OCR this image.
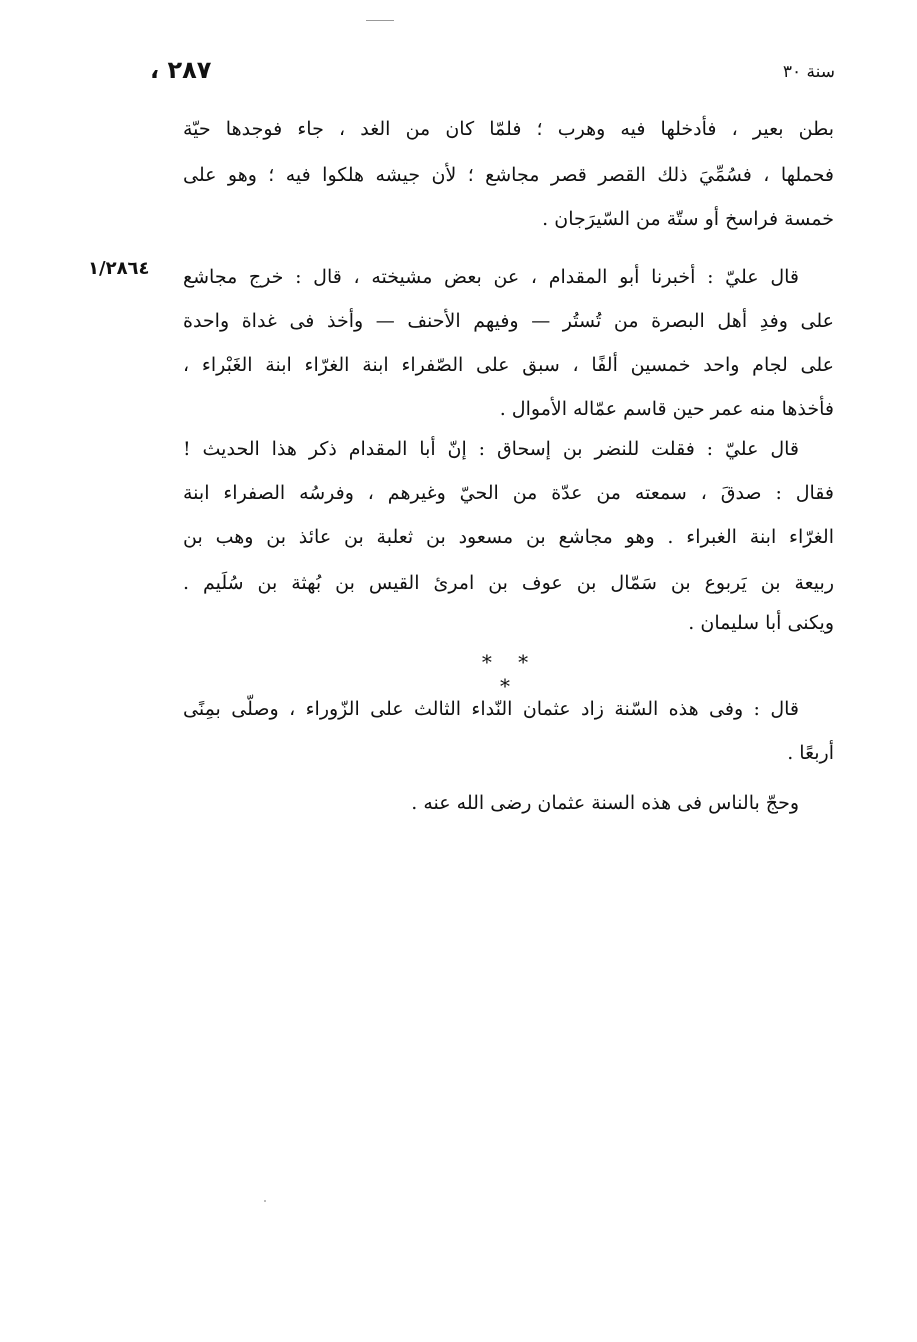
۲۸۷ ،	سنة ۳۰
بطن بعير ، فأدخلها فيه وهرب ؛ فلمّا كان من الغد ، جاء فوجدها حيّة
فحملها ، فسُمِّيَ ذلك القصر قصر مجاشع ؛ لأن جيشه هلكوا فيه ؛ وهو على
خمسة فراسخ أو ستّة من السّيرَجان .
۲۸٦٤/۱	قال عليّ : أخبرنا أبو المقدام ، عن بعض مشيخته ، قال : خرج مجاشع
على وفدِ أهل البصرة من تُستُر — وفيهم الأحنف — وأخذ فى غداة واحدة
على لجام واحد خمسين ألفًا ، سبق على الصّفراء ابنة الغرّاء ابنة الغَبْراء ،
فأخذها منه عمر حين قاسم عمّاله الأموال .
قال عليّ : فقلت للنضر بن إسحاق : إنّ أبا المقدام ذكر هذا الحديث !
فقال : صدقَ ، سمعته من عدّة من الحيّ وغيرهم ، وفرسُه الصفراء ابنة
الغرّاء ابنة الغبراء . وهو مجاشع بن مسعود بن ثعلبة بن عائذ بن وهب بن
ربيعة بن يَربوع بن سَمّال بن عوف بن امرئ القيس بن بُهثة بن سُلَيم .
ويكنى أبا سليمان .
* * *
قال : وفى هذه السّنة زاد عثمان النّداء الثالث على الزّوراء ، وصلّى بمِنًى
أربعًا .
وحجّ بالناس فى هذه السنة عثمان رضى الله عنه .
